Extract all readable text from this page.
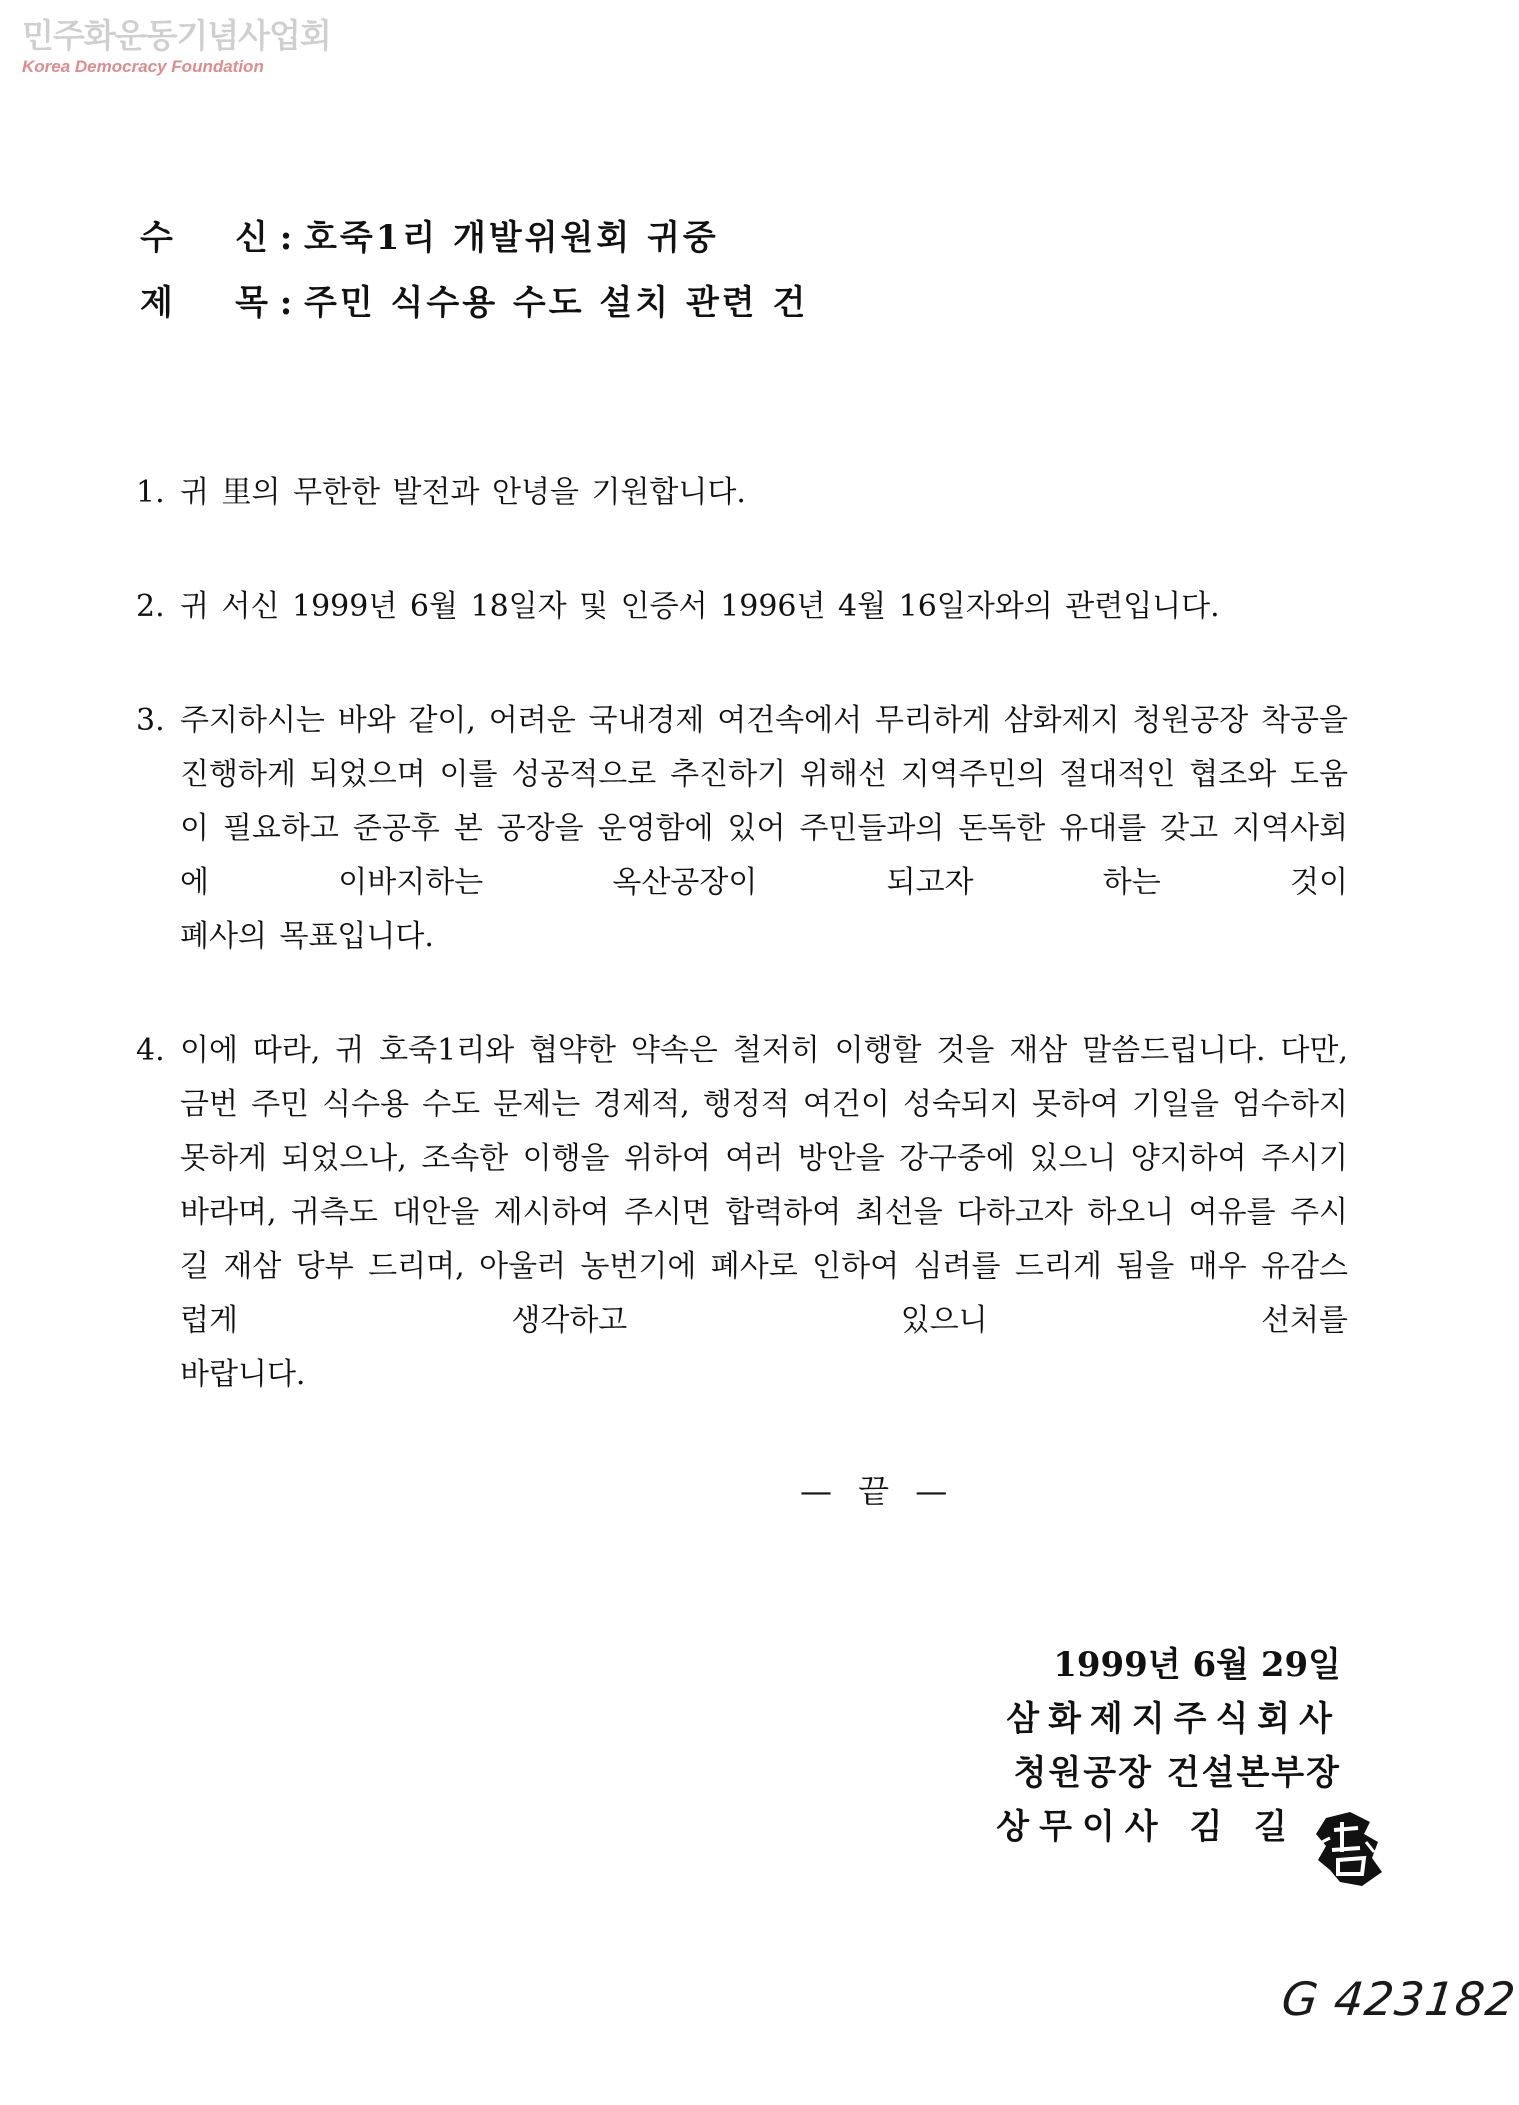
민주화운동기념사업회
Korea Democracy Foundation
수 신 : 호죽1리 개발위원회 귀중
제 목 : 주민 식수용 수도 설치 관련 건
1. 귀 里의 무한한 발전과 안녕을 기원합니다.
2. 귀 서신 1999년 6월 18일자 및 인증서 1996년 4월 16일자와의 관련입니다.
3. 주지하시는 바와 같이, 어려운 국내경제 여건속에서 무리하게 삼화제지 청원공장 착공을 진행하게 되었으며 이를 성공적으로 추진하기 위해선 지역주민의 절대적인 협조와 도움이 필요하고 준공후 본 공장을 운영함에 있어 주민들과의 돈독한 유대를 갖고 지역사회에 이바지하는 옥산공장이 되고자 하는 것이
폐사의 목표입니다.
4. 이에 따라, 귀 호죽1리와 협약한 약속은 철저히 이행할 것을 재삼 말씀드립니다. 다만, 금번 주민 식수용 수도 문제는 경제적, 행정적 여건이 성숙되지 못하여 기일을 엄수하지 못하게 되었으나, 조속한 이행을 위하여 여러 방안을 강구중에 있으니 양지하여 주시기 바라며, 귀측도 대안을 제시하여 주시면 합력하여 최선을 다하고자 하오니 여유를 주시길 재삼 당부 드리며, 아울러 농번기에 폐사로 인하여 심려를 드리게 됨을 매우 유감스럽게 생각하고 있으니 선처를
바랍니다.
— 끝 —
1999년 6월 29일
삼화제지주식회사
청원공장 건설본부장
상무이사 김 길
G 423182
